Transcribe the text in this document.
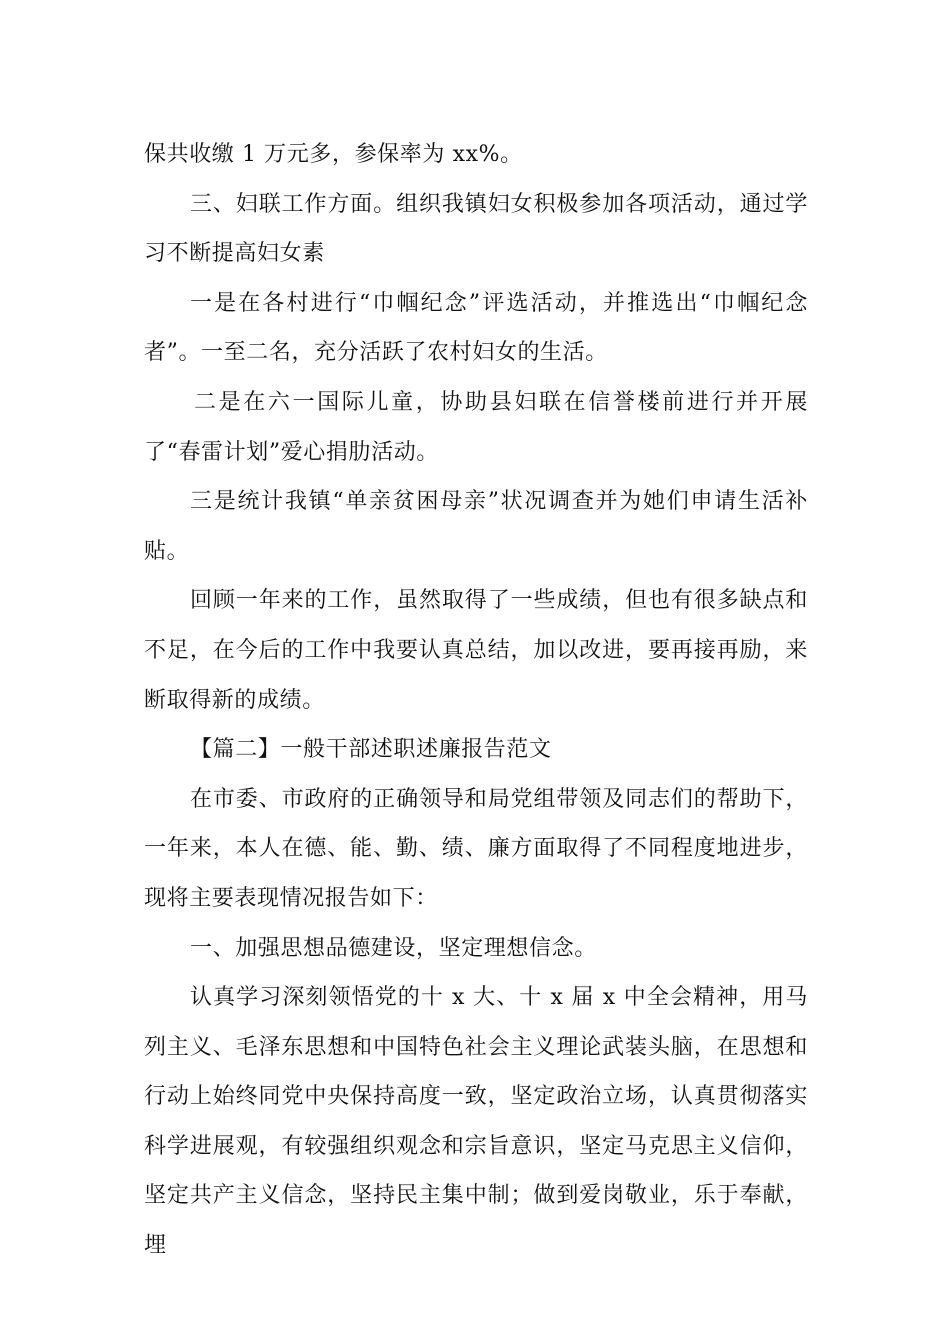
保共收缴 1 万元多，参保率为 xx%。

三、妇联工作方面。组织我镇妇女积极参加各项活动，通过学习不断提高妇女素

一是在各村进行“巾帼纪念”评选活动，并推选出“巾帼纪念者”。一至二名，充分活跃了农村妇女的生活。

二是在六一国际儿童，协助县妇联在信誉楼前进行并开展了“春雷计划”爱心捐肋活动。

三是统计我镇“单亲贫困母亲”状况调查并为她们申请生活补贴。

回顾一年来的工作，虽然取得了一些成绩，但也有很多缺点和不足，在今后的工作中我要认真总结，加以改进，要再接再励，来断取得新的成绩。

【篇二】一般干部述职述廉报告范文

在市委、市政府的正确领导和局党组带领及同志们的帮助下，一年来，本人在德、能、勤、绩、廉方面取得了不同程度地进步，现将主要表现情况报告如下：

一、加强思想品德建设，坚定理想信念。

认真学习深刻领悟党的十 x 大、十 x 届 x 中全会精神，用马列主义、毛泽东思想和中国特色社会主义理论武装头脑，在思想和行动上始终同党中央保持高度一致，坚定政治立场，认真贯彻落实科学进展观，有较强组织观念和宗旨意识，坚定马克思主义信仰，坚定共产主义信念，坚持民主集中制；做到爱岗敬业，乐于奉献，埋
